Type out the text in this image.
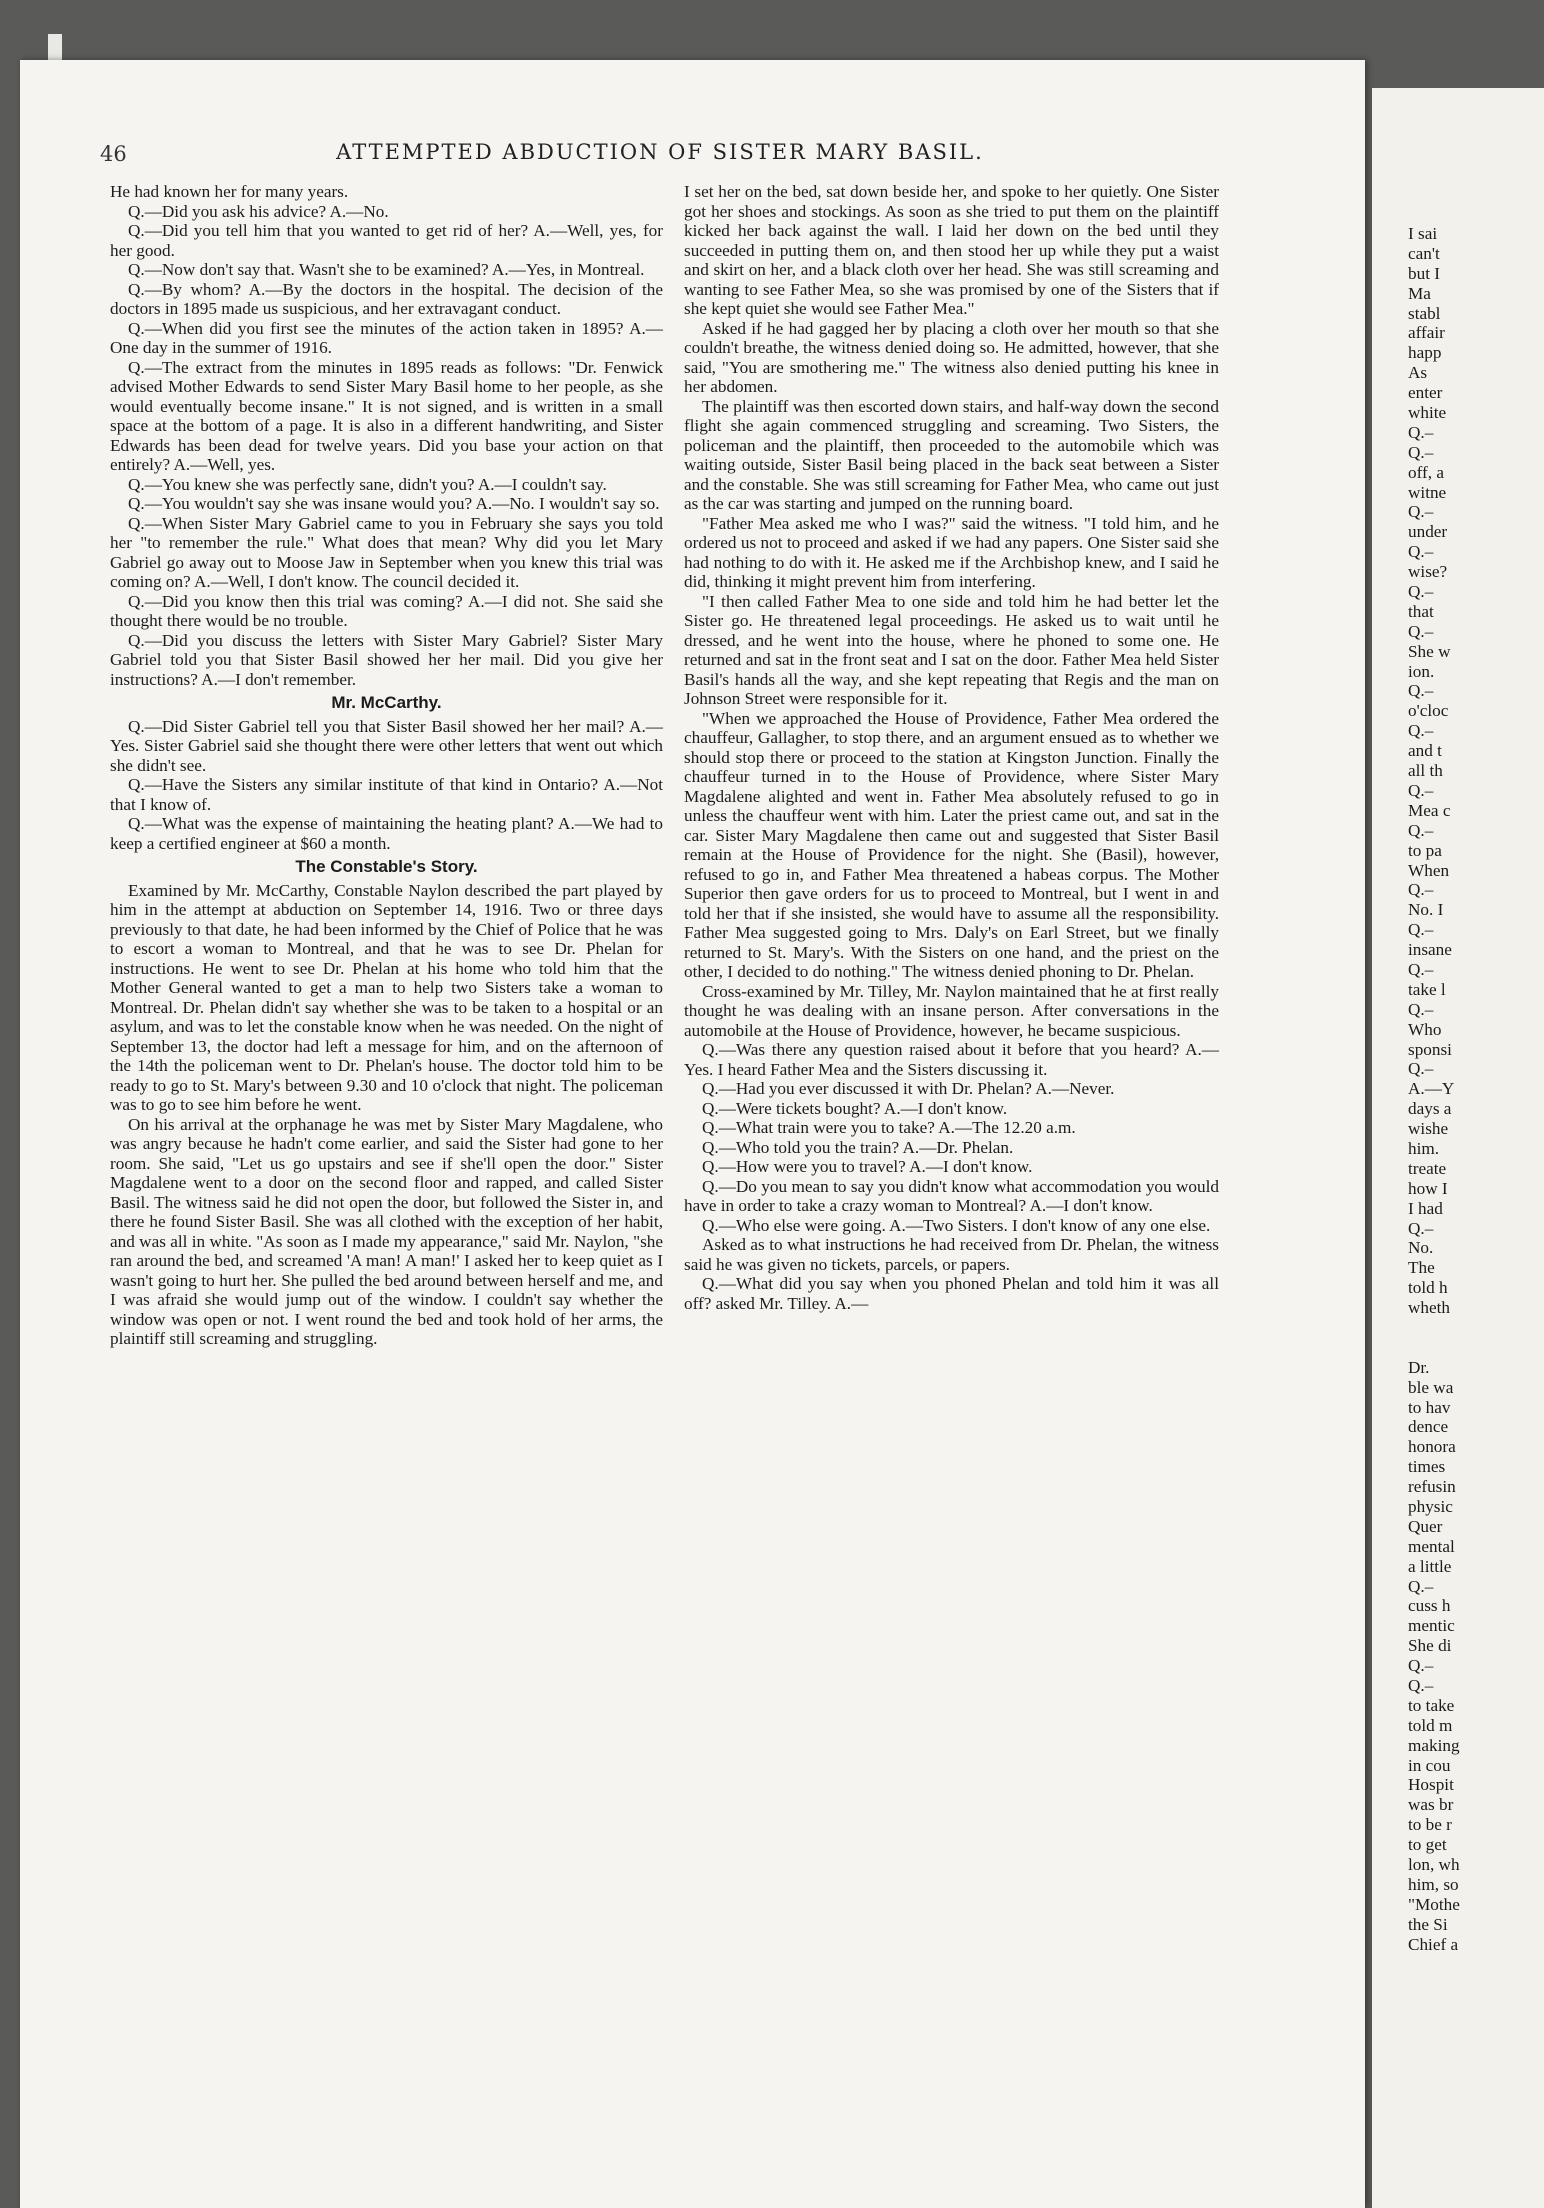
46	ATTEMPTED ABDUCTION OF SISTER MARY BASIL.

He had known her for many years.

Q.—Did you ask his advice? A.—No.

Q.—Did you tell him that you wanted to get rid of her? A.—Well, yes, for her good.

Q.—Now don't say that. Wasn't she to be examined? A.—Yes, in Montreal.

Q.—By whom? A.—By the doctors in the hospital. The decision of the doctors in 1895 made us suspicious, and her extravagant conduct.

Q.—When did you first see the minutes of the action taken in 1895? A.—One day in the summer of 1916.

Q.—The extract from the minutes in 1895 reads as follows: "Dr. Fenwick advised Mother Edwards to send Sister Mary Basil home to her people, as she would eventually become insane." It is not signed, and is written in a small space at the bottom of a page. It is also in a different handwriting, and Sister Edwards has been dead for twelve years. Did you base your action on that entirely? A.—Well, yes.

Q.—You knew she was perfectly sane, didn't you? A.—I couldn't say.

Q.—You wouldn't say she was insane would you? A.—No. I wouldn't say so.

Q.—When Sister Mary Gabriel came to you in February she says you told her "to remember the rule." What does that mean? Why did you let Mary Gabriel go away out to Moose Jaw in September when you knew this trial was coming on? A.—Well, I don't know. The council decided it.

Q.—Did you know then this trial was coming? A.—I did not. She said she thought there would be no trouble.

Q.—Did you discuss the letters with Sister Mary Gabriel? Sister Mary Gabriel told you that Sister Basil showed her her mail. Did you give her instructions? A.—I don't remember.

Mr. McCarthy.

Q.—Did Sister Gabriel tell you that Sister Basil showed her her mail? A.—Yes. Sister Gabriel said she thought there were other letters that went out which she didn't see.

Q.—Have the Sisters any similar institute of that kind in Ontario? A.—Not that I know of.

Q.—What was the expense of maintaining the heating plant? A.—We had to keep a certified engineer at $60 a month.

The Constable's Story.

Examined by Mr. McCarthy, Constable Naylon described the part played by him in the attempt at abduction on September 14, 1916. Two or three days previously to that date, he had been informed by the Chief of Police that he was to escort a woman to Montreal, and that he was to see Dr. Phelan for instructions. He went to see Dr. Phelan at his home who told him that the Mother General wanted to get a man to help two Sisters take a woman to Montreal. Dr. Phelan didn't say whether she was to be taken to a hospital or an asylum, and was to let the constable know when he was needed. On the night of September 13, the doctor had left a message for him, and on the afternoon of the 14th the policeman went to Dr. Phelan's house. The doctor told him to be ready to go to St. Mary's between 9.30 and 10 o'clock that night. The policeman was to go to see him before he went.

On his arrival at the orphanage he was met by Sister Mary Magdalene, who was angry because he hadn't come earlier, and said the Sister had gone to her room. She said, "Let us go upstairs and see if she'll open the door." Sister Magdalene went to a door on the second floor and rapped, and called Sister Basil. The witness said he did not open the door, but followed the Sister in, and there he found Sister Basil. She was all clothed with the exception of her habit, and was all in white. "As soon as I made my appearance," said Mr. Naylon, "she ran around the bed, and screamed 'A man! A man!' I asked her to keep quiet as I wasn't going to hurt her. She pulled the bed around between herself and me, and I was afraid she would jump out of the window. I couldn't say whether the window was open or not. I went round the bed and took hold of her arms, the plaintiff still screaming and struggling.

I set her on the bed, sat down beside her, and spoke to her quietly. One Sister got her shoes and stockings. As soon as she tried to put them on the plaintiff kicked her back against the wall. I laid her down on the bed until they succeeded in putting them on, and then stood her up while they put a waist and skirt on her, and a black cloth over her head. She was still screaming and wanting to see Father Mea, so she was promised by one of the Sisters that if she kept quiet she would see Father Mea."

Asked if he had gagged her by placing a cloth over her mouth so that she couldn't breathe, the witness denied doing so. He admitted, however, that she said, "You are smothering me." The witness also denied putting his knee in her abdomen.

The plaintiff was then escorted down stairs, and half-way down the second flight she again commenced struggling and screaming. Two Sisters, the policeman and the plaintiff, then proceeded to the automobile which was waiting outside, Sister Basil being placed in the back seat between a Sister and the constable. She was still screaming for Father Mea, who came out just as the car was starting and jumped on the running board.

"Father Mea asked me who I was?" said the witness. "I told him, and he ordered us not to proceed and asked if we had any papers. One Sister said she had nothing to do with it. He asked me if the Archbishop knew, and I said he did, thinking it might prevent him from interfering.

"I then called Father Mea to one side and told him he had better let the Sister go. He threatened legal proceedings. He asked us to wait until he dressed, and he went into the house, where he phoned to some one. He returned and sat in the front seat and I sat on the door. Father Mea held Sister Basil's hands all the way, and she kept repeating that Regis and the man on Johnson Street were responsible for it.

"When we approached the House of Providence, Father Mea ordered the chauffeur, Gallagher, to stop there, and an argument ensued as to whether we should stop there or proceed to the station at Kingston Junction. Finally the chauffeur turned in to the House of Providence, where Sister Mary Magdalene alighted and went in. Father Mea absolutely refused to go in unless the chauffeur went with him. Later the priest came out, and sat in the car. Sister Mary Magdalene then came out and suggested that Sister Basil remain at the House of Providence for the night. She (Basil), however, refused to go in, and Father Mea threatened a habeas corpus. The Mother Superior then gave orders for us to proceed to Montreal, but I went in and told her that if she insisted, she would have to assume all the responsibility. Father Mea suggested going to Mrs. Daly's on Earl Street, but we finally returned to St. Mary's. With the Sisters on one hand, and the priest on the other, I decided to do nothing." The witness denied phoning to Dr. Phelan.

Cross-examined by Mr. Tilley, Mr. Naylon maintained that he at first really thought he was dealing with an insane person. After conversations in the automobile at the House of Providence, however, he became suspicious.

Q.—Was there any question raised about it before that you heard? A.—Yes. I heard Father Mea and the Sisters discussing it.

Q.—Had you ever discussed it with Dr. Phelan? A.—Never.

Q.—Were tickets bought? A.—I don't know.

Q.—What train were you to take? A.—The 12.20 a.m.

Q.—Who told you the train? A.—Dr. Phelan.

Q.—How were you to travel? A.—I don't know.

Q.—Do you mean to say you didn't know what accommodation you would have in order to take a crazy woman to Montreal? A.—I don't know.

Q.—Who else were going. A.—Two Sisters. I don't know of any one else.

Asked as to what instructions he had received from Dr. Phelan, the witness said he was given no tickets, parcels, or papers.

Q.—What did you say when you phoned Phelan and told him it was all off? asked Mr. Tilley. A.—

I sai
can't
but I
Ma
stabl
affair
happ
As
enter
white
Q.–
Q.–
off, a
witne
Q.–
under
Q.–
wise?
Q.–
that
Q.–
She w
ion.
Q.–
o'cloc
Q.–
and t
all th
Q.–
Mea c
Q.–
to pa
When
Q.–
No. I
Q.–
insane
Q.–
take l
Q.–
Who
sponsi
Q.–
A.—Y
days a
wishe
him.
treate
how I
I had
Q.–
No.
The
told h
wheth
Dr.
ble wa
to hav
dence
honora
times
refusin
physic
Quer
mental
a little
Q.–
cuss h
mentic
She di
Q.–
Q.–
to take
told m
making
in cou
Hospit
was br
to be r
to get
lon, wh
him, so
"Mothe
the Si
Chief a
